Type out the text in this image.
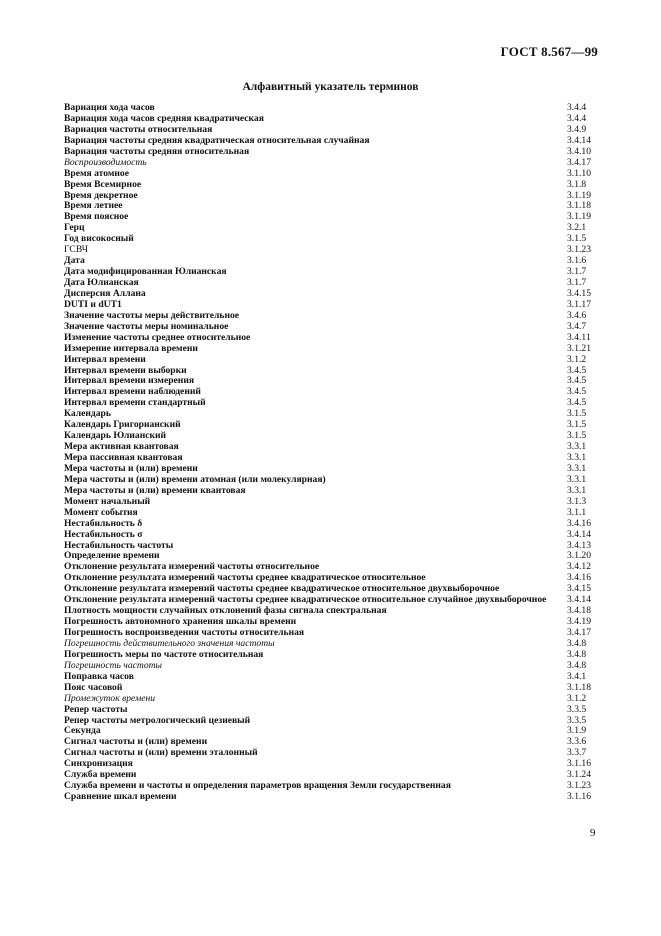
ГОСТ 8.567—99
Алфавитный указатель терминов
Вариация хода часов	3.4.4
Вариация хода часов средняя квадратическая	3.4.4
Вариация частоты относительная	3.4.9
Вариация частоты средняя квадратическая относительная случайная	3.4.14
Вариация частоты средняя относительная	3.4.10
Воспроизводимость	3.4.17
Время атомное	3.1.10
Время Всемирное	3.1.8
Время декретное	3.1.19
Время летнее	3.1.18
Время поясное	3.1.19
Герц	3.2.1
Год високосный	3.1.5
ГСВЧ	3.1.23
Дата	3.1.6
Дата модифицированная Юлианская	3.1.7
Дата Юлианская	3.1.7
Дисперсия Аллана	3.4.15
DUTI и dUT1	3.1.17
Значение частоты меры действительное	3.4.6
Значение частоты меры номинальное	3.4.7
Изменение частоты среднее относительное	3.4.11
Измерение интервала времени	3.1.21
Интервал времени	3.1.2
Интервал времени выборки	3.4.5
Интервал времени измерения	3.4.5
Интервал времени наблюдений	3.4.5
Интервал времени стандартный	3.4.5
Календарь	3.1.5
Календарь Григорианский	3.1.5
Календарь Юлианский	3.1.5
Мера активная квантовая	3.3.1
Мера пассивная квантовая	3.3.1
Мера частоты и (или) времени	3.3.1
Мера частоты и (или) времени атомная (или молекулярная)	3.3.1
Мера частоты и (или) времени квантовая	3.3.1
Момент начальный	3.1.3
Момент события	3.1.1
Нестабильность δ	3.4.16
Нестабильность σ	3.4.14
Нестабильность частоты	3.4.13
Определение времени	3.1.20
Отклонение результата измерений частоты относительное	3.4.12
Отклонение результата измерений частоты среднее квадратическое относительное	3.4.16
Отклонение результата измерений частоты среднее квадратическое относительное двухвыборочное	3.4.15
Отклонение результата измерений частоты среднее квадратическое относительное случайное двухвыборочное 3.4.14
Плотность мощности случайных отклонений фазы сигнала спектральная	3.4.18
Погрешность автономного хранения шкалы времени	3.4.19
Погрешность воспроизведения частоты относительная	3.4.17
Погрешность действительного значения частоты	3.4.8
Погрешность меры по частоте относительная	3.4.8
Погрешность частоты	3.4.8
Поправка часов	3.4.1
Пояс часовой	3.1.18
Промежуток времени	3.1.2
Репер частоты	3.3.5
Репер частоты метрологический цезиевый	3.3.5
Секунда	3.1.9
Сигнал частоты и (или) времени	3.3.6
Сигнал частоты и (или) времени эталонный	3.3.7
Синхронизация	3.1.16
Служба времени	3.1.24
Служба времени и частоты и определения параметров вращения Земли государственная	3.1.23
Сравнение шкал времени	3.1.16
9
